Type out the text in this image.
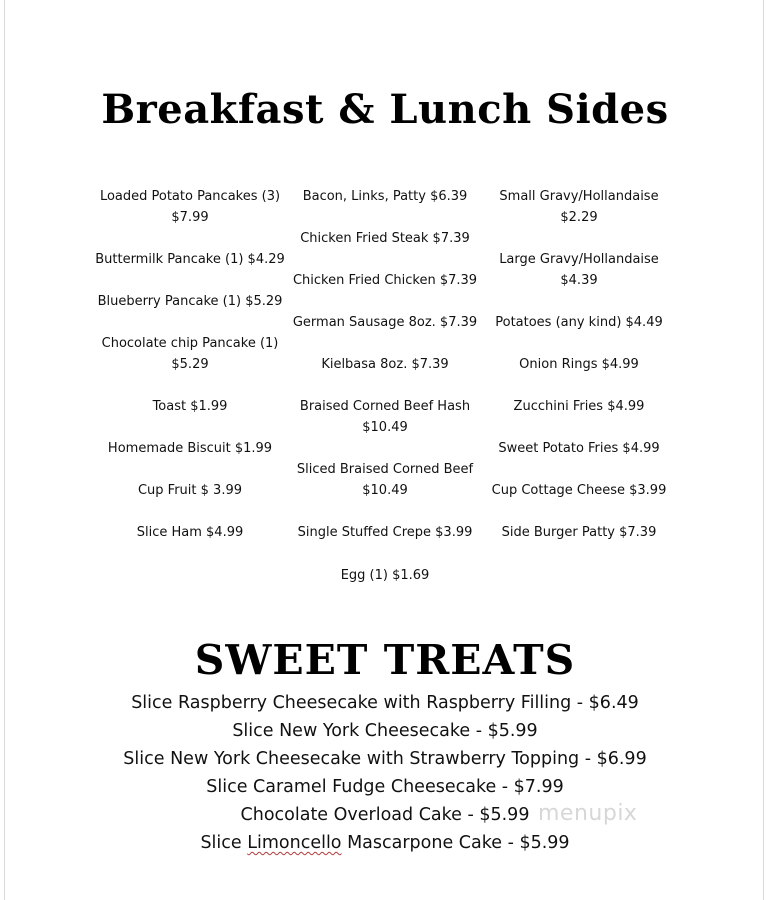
Breakfast & Lunch Sides
Loaded Potato Pancakes (3)
$7.99
Buttermilk Pancake (1) $4.29
Blueberry Pancake (1) $5.29
Chocolate chip Pancake (1)
$5.29
Toast $1.99
Homemade Biscuit $1.99
Cup Fruit $ 3.99
Slice Ham $4.99
Bacon, Links, Patty $6.39
Chicken Fried Steak $7.39
Chicken Fried Chicken $7.39
German Sausage 8oz. $7.39
Kielbasa 8oz. $7.39
Braised Corned Beef Hash
$10.49
Sliced Braised Corned Beef
$10.49
Single Stuffed Crepe $3.99
Small Gravy/Hollandaise
$2.29
Large Gravy/Hollandaise
$4.39
Potatoes (any kind) $4.49
Onion Rings $4.99
Zucchini Fries $4.99
Sweet Potato Fries $4.99
Cup Cottage Cheese $3.99
Side Burger Patty $7.39
Egg (1) $1.69
SWEET TREATS
Slice Raspberry Cheesecake with Raspberry Filling - $6.49
Slice New York Cheesecake - $5.99
Slice New York Cheesecake with Strawberry Topping - $6.99
Slice Caramel Fudge Cheesecake - $7.99
Chocolate Overload Cake - $5.99
Slice Limoncello Mascarpone Cake - $5.99
menupix
